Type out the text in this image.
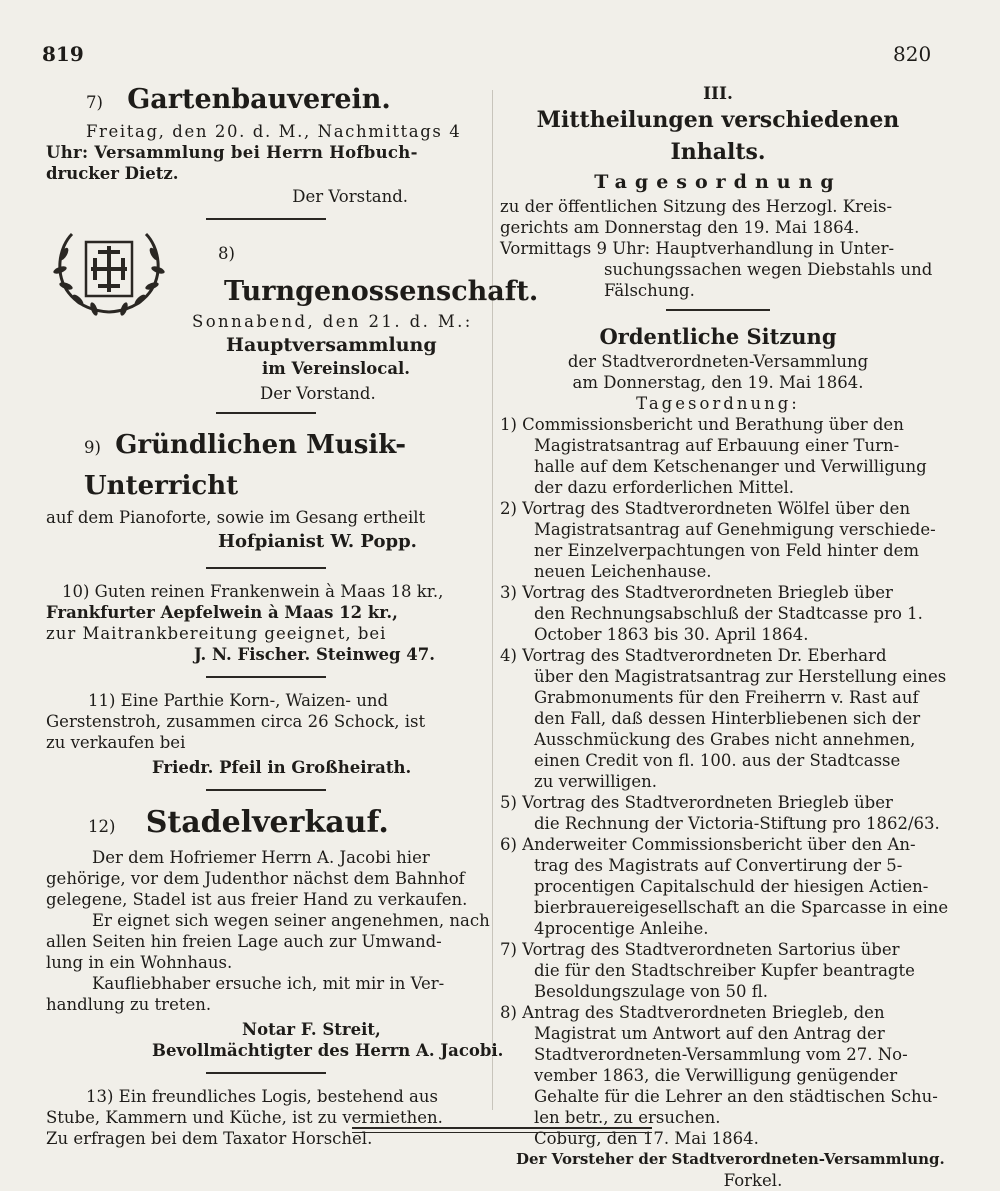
819	820
7) Gartenbauverein.
Freitag, den 20. d. M., Nachmittags 4
Uhr: Versammlung bei Herrn Hofbuch-
drucker Dietz.
Der Vorstand.
8) Turngenossenschaft.
Sonnabend, den 21. d. M.:
Hauptversammlung
im Vereinslocal.
Der Vorstand.
9) Gründlichen Musik-Unterricht
auf dem Pianoforte, sowie im Gesang ertheilt
Hofpianist W. Popp.
10) Guten reinen Frankenwein à Maas 18 kr.,
Frankfurter Aepfelwein à Maas 12 kr.,
zur Maitrankbereitung geeignet, bei
J. N. Fischer. Steinweg 47.
11) Eine Parthie Korn-, Waizen- und
Gerstenstroh, zusammen circa 26 Schock, ist
zu verkaufen bei
Friedr. Pfeil in Großheirath.
12) Stadelverkauf.
Der dem Hofriemer Herrn A. Jacobi hier
gehörige, vor dem Judenthor nächst dem Bahnhof
gelegene, Stadel ist aus freier Hand zu verkaufen.
Er eignet sich wegen seiner angenehmen, nach
allen Seiten hin freien Lage auch zur Umwand-
lung in ein Wohnhaus.
Kaufliebhaber ersuche ich, mit mir in Ver-
handlung zu treten.
Notar F. Streit,
Bevollmächtigter des Herrn A. Jacobi.
13) Ein freundliches Logis, bestehend aus
Stube, Kammern und Küche, ist zu vermiethen.
Zu erfragen bei dem Taxator Horschel.
III.
Mittheilungen verschiedenen Inhalts.
Tagesordnung
zu der öffentlichen Sitzung des Herzogl. Kreis-
gerichts am Donnerstag den 19. Mai 1864.
Vormittags 9 Uhr: Hauptverhandlung in Unter-
suchungssachen wegen Diebstahls und
Fälschung.
Ordentliche Sitzung
der Stadtverordneten-Versammlung
am Donnerstag, den 19. Mai 1864.
Tagesordnung:
1) Commissionsbericht und Berathung über den
Magistratsantrag auf Erbauung einer Turn-
halle auf dem Ketschenanger und Verwilligung
der dazu erforderlichen Mittel.
2) Vortrag des Stadtverordneten Wölfel über den
Magistratsantrag auf Genehmigung verschiede-
ner Einzelverpachtungen von Feld hinter dem
neuen Leichenhause.
3) Vortrag des Stadtverordneten Briegleb über
den Rechnungsabschluß der Stadtcasse pro 1.
October 1863 bis 30. April 1864.
4) Vortrag des Stadtverordneten Dr. Eberhard
über den Magistratsantrag zur Herstellung eines
Grabmonuments für den Freiherrn v. Rast auf
den Fall, daß dessen Hinterbliebenen sich der
Ausschmückung des Grabes nicht annehmen,
einen Credit von fl. 100. aus der Stadtcasse
zu verwilligen.
5) Vortrag des Stadtverordneten Briegleb über
die Rechnung der Victoria-Stiftung pro 1862/63.
6) Anderweiter Commissionsbericht über den An-
trag des Magistrats auf Convertirung der 5-
procentigen Capitalschuld der hiesigen Actien-
bierbrauereigesellschaft an die Sparcasse in eine
4procentige Anleihe.
7) Vortrag des Stadtverordneten Sartorius über
die für den Stadtschreiber Kupfer beantragte
Besoldungszulage von 50 fl.
8) Antrag des Stadtverordneten Briegleb, den
Magistrat um Antwort auf den Antrag der
Stadtverordneten-Versammlung vom 27. No-
vember 1863, die Verwilligung genügender
Gehalte für die Lehrer an den städtischen Schu-
len betr., zu ersuchen.
Coburg, den 17. Mai 1864.
Der Vorsteher der Stadtverordneten-Versammlung.
Forkel.
